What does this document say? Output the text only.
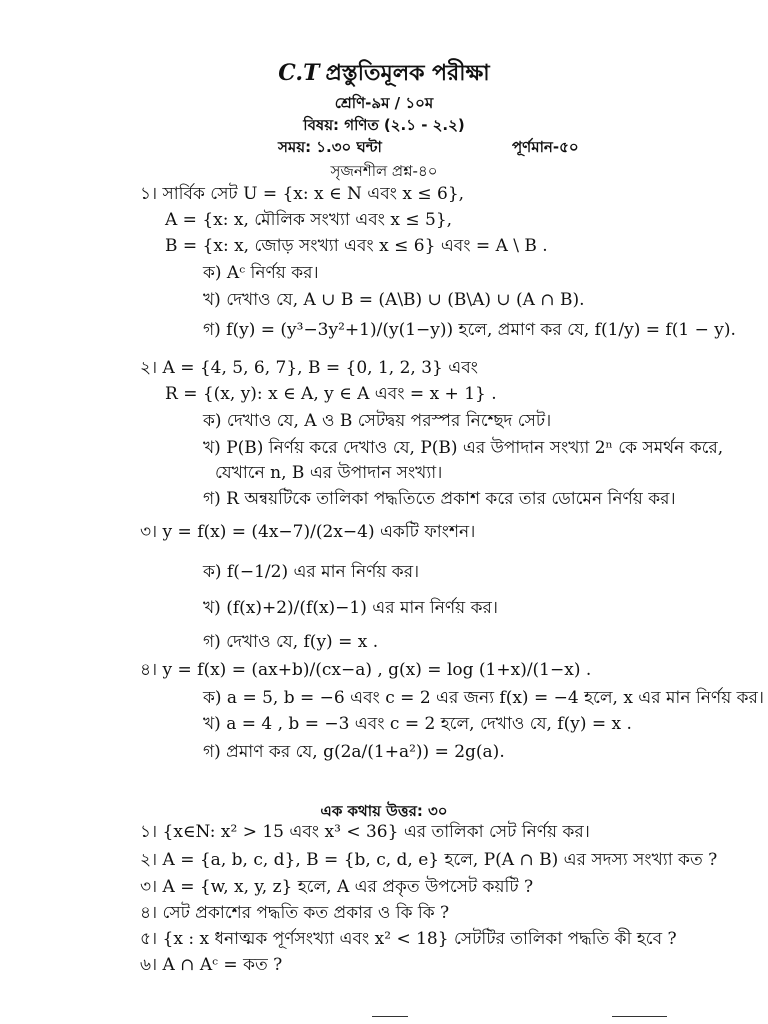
C.T প্রস্তুতিমূলক পরীক্ষা
শ্রেণি-৯ম / ১০ম
বিষয়: গণিত (২.১ - ২.২)
সময়: ১.৩০ ঘন্টা	পূর্ণমান-৫০
সৃজনশীল প্রশ্ন-৪০
১। সার্বিক সেট U = {x: x ∈ N এবং x ≤ 6},
A = {x: x, মৌলিক সংখ্যা এবং x ≤ 5},
B = {x: x, জোড় সংখ্যা এবং x ≤ 6} এবং = A \ B .
ক) Aᶜ নির্ণয় কর।
খ) দেখাও যে, A ∪ B = (A\B) ∪ (B\A) ∪ (A ∩ B).
গ) f(y) = (y³−3y²+1)/(y(1−y)) হলে, প্রমাণ কর যে, f(1/y) = f(1 − y).
২। A = {4, 5, 6, 7}, B = {0, 1, 2, 3} এবং
R = {(x, y): x ∈ A, y ∈ A এবং = x + 1} .
ক) দেখাও যে, A ও B সেটদ্বয় পরস্পর নিশ্ছেদ সেট।
খ) P(B) নির্ণয় করে দেখাও যে, P(B) এর উপাদান সংখ্যা 2ⁿ কে সমর্থন করে,
যেখানে n, B এর উপাদান সংখ্যা।
গ) R অন্বয়টিকে তালিকা পদ্ধতিতে প্রকাশ করে তার ডোমেন নির্ণয় কর।
৩। y = f(x) = (4x−7)/(2x−4) একটি ফাংশন।
ক) f(−1/2) এর মান নির্ণয় কর।
খ) (f(x)+2)/(f(x)−1) এর মান নির্ণয় কর।
গ) দেখাও যে, f(y) = x .
৪। y = f(x) = (ax+b)/(cx−a) , g(x) = log (1+x)/(1−x) .
ক) a = 5, b = −6 এবং c = 2 এর জন্য f(x) = −4 হলে, x এর মান নির্ণয় কর।
খ) a = 4 , b = −3 এবং c = 2 হলে, দেখাও যে, f(y) = x .
গ) প্রমাণ কর যে, g(2a/(1+a²)) = 2g(a).
এক কথায় উত্তর: ৩০
১। {x∈N: x² > 15 এবং x³ < 36} এর তালিকা সেট নির্ণয় কর।
২। A = {a, b, c, d}, B = {b, c, d, e} হলে, P(A ∩ B) এর সদস্য সংখ্যা কত ?
৩। A = {w, x, y, z} হলে, A এর প্রকৃত উপসেট কয়টি ?
৪। সেট প্রকাশের পদ্ধতি কত প্রকার ও কি কি ?
৫। {x : x ধনাত্মক পূর্ণসংখ্যা এবং x² < 18} সেটটির তালিকা পদ্ধতি কী হবে ?
৬। A ∩ Aᶜ = কত ?
